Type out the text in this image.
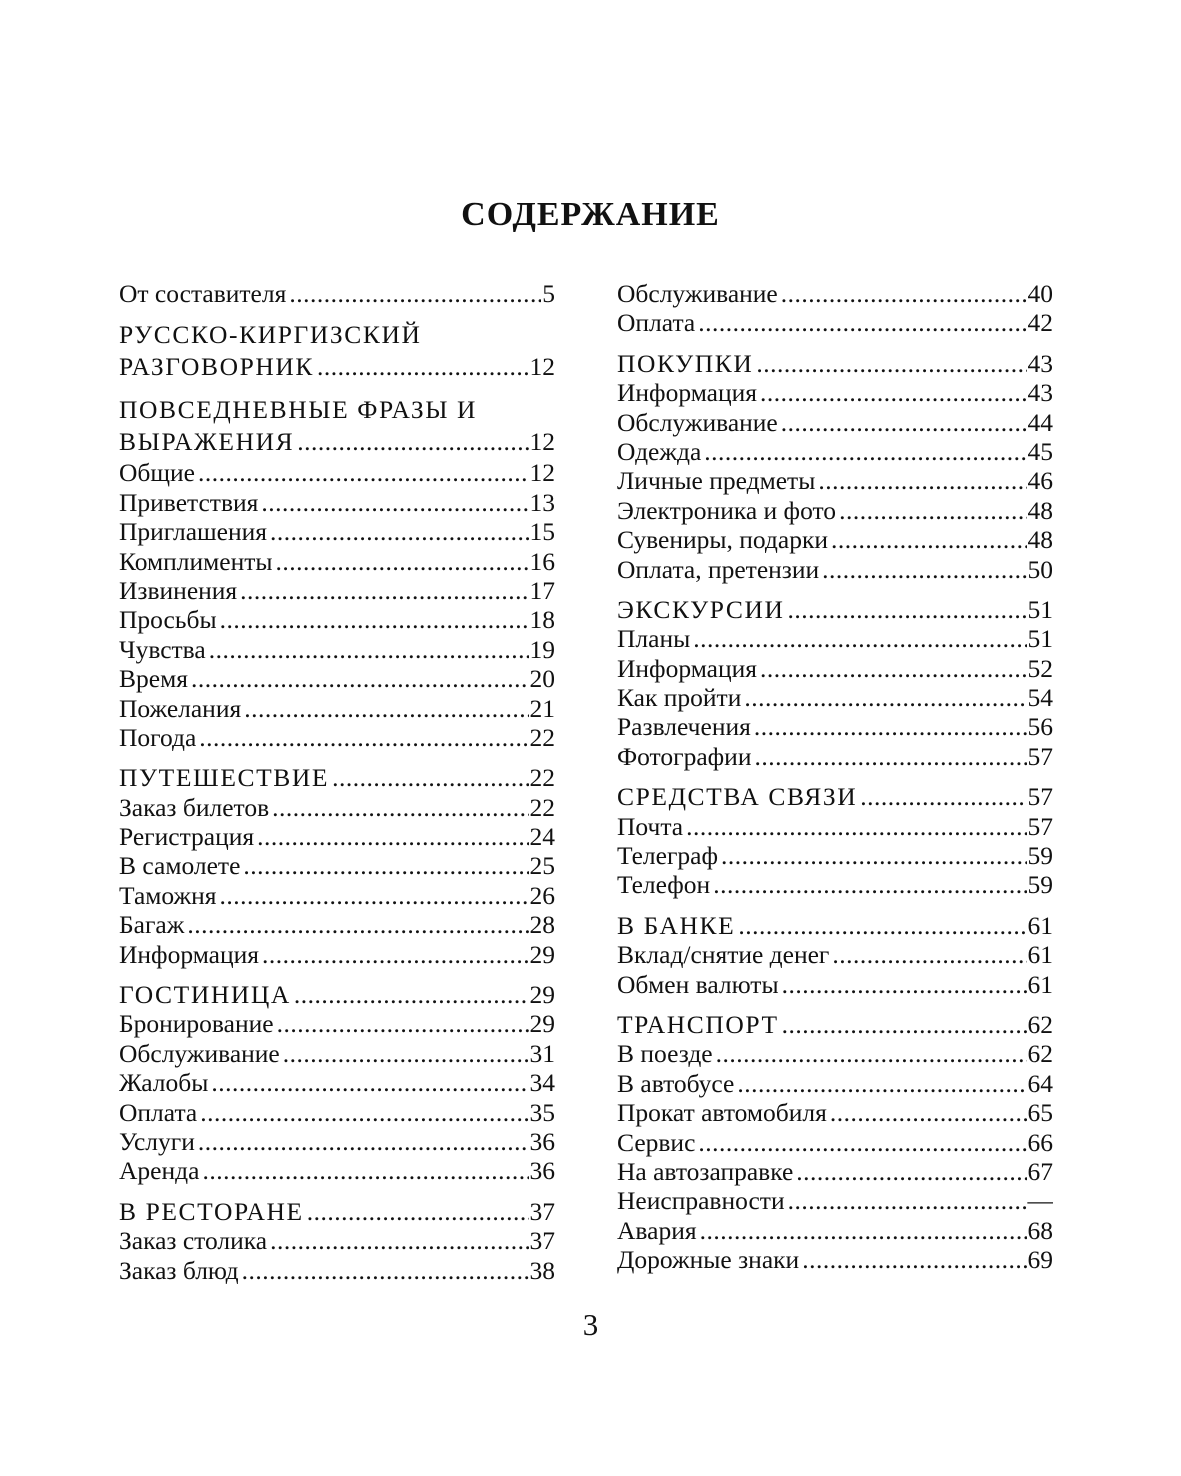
СОДЕРЖАНИЕ
От составителя .....	5
РУССКО-КИРГИЗСКИЙ
РАЗГОВОРНИК .....	12
ПОВСЕДНЕВНЫЕ ФРАЗЫ И
ВЫРАЖЕНИЯ .....	12
Общие .....	12
Приветствия .....	13
Приглашения .....	15
Комплименты .....	16
Извинения .....	17
Просьбы .....	18
Чувства .....	19
Время .....	20
Пожелания .....	21
Погода .....	22
ПУТЕШЕСТВИЕ .....	22
Заказ билетов .....	22
Регистрация .....	24
В самолете .....	25
Таможня .....	26
Багаж .....	28
Информация .....	29
ГОСТИНИЦА .....	29
Бронирование .....	29
Обслуживание .....	31
Жалобы .....	34
Оплата .....	35
Услуги .....	36
Аренда .....	36
В РЕСТОРАНЕ .....	37
Заказ столика .....	37
Заказ блюд .....	38
Обслуживание .....	40
Оплата .....	42
ПОКУПКИ .....	43
Информация .....	43
Обслуживание .....	44
Одежда .....	45
Личные предметы .....	46
Электроника и фото .....	48
Сувениры, подарки .....	48
Оплата, претензии .....	50
ЭКСКУРСИИ .....	51
Планы .....	51
Информация .....	52
Как пройти .....	54
Развлечения .....	56
Фотографии .....	57
СРЕДСТВА СВЯЗИ .....	57
Почта .....	57
Телеграф .....	59
Телефон .....	59
В БАНКЕ .....	61
Вклад/снятие денег .....	61
Обмен валюты .....	61
ТРАНСПОРТ .....	62
В поезде .....	62
В автобусе .....	64
Прокат автомобиля .....	65
Сервис .....	66
На автозаправке .....	67
Неисправности .....	—
Авария .....	68
Дорожные знаки .....	69
3
